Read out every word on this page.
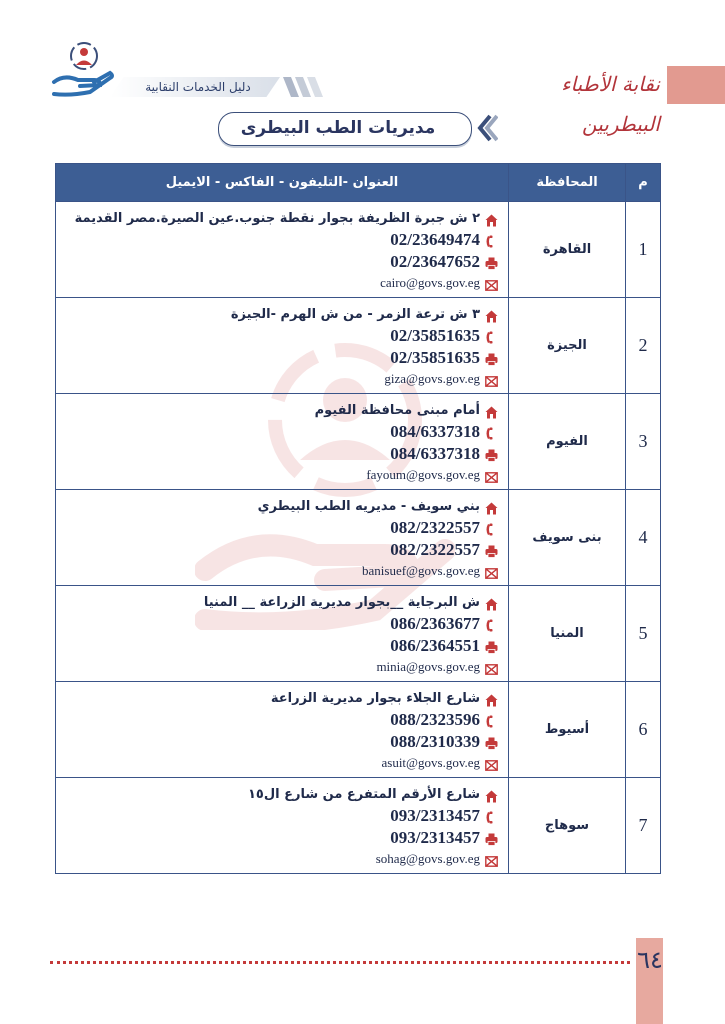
نقابة الأطباء البيطريين
دليل الخدمات النقابية
مديريات الطب البيطرى
م	المحافظة	العنوان -التليفون - الفاكس - الايميل
1	القاهرة	٢ ش جبرة الظريفة بجوار نقطة جنوب.عين الصيرة.مصر القديمة
02/23649474
02/23647652
cairo@govs.gov.eg

2	الجيزة	٣ ش ترعة الزمر - من ش الهرم -الجيزة
02/35851635
02/35851635
giza@govs.gov.eg

3	الفيوم	أمام مبنى محافظة الفيوم
084/6337318
084/6337318
fayoum@govs.gov.eg

4	بنى سويف	بني سويف - مديريه الطب البيطري
082/2322557
082/2322557
banisuef@govs.gov.eg

5	المنيا	ش البرجاية __بجوار مديرية الزراعة __ المنيا
086/2363677
086/2364551
minia@govs.gov.eg

6	أسيوط	شارع الجلاء بجوار مديرية الزراعة
088/2323596
088/2310339
asuit@govs.gov.eg

7	سوهاج	شارع الأرقم المتفرع من شارع ال١٥
093/2313457
093/2313457
sohag@govs.gov.eg
٦٤
